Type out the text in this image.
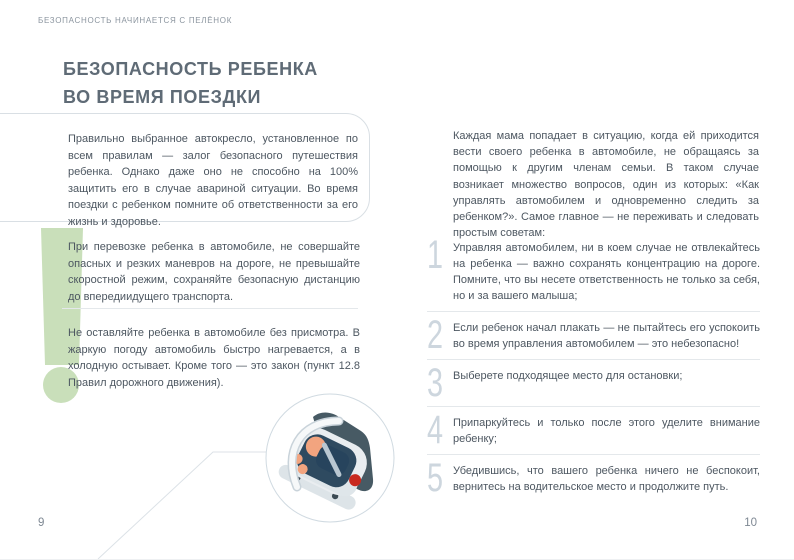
БЕЗОПАСНОСТЬ НАЧИНАЕТСЯ С ПЕЛЁНОК
БЕЗОПАСНОСТЬ РЕБЕНКА
ВО ВРЕМЯ ПОЕЗДКИ
Правильно выбранное автокресло, установленное по всем правилам — залог безопасного путешествия ребенка. Однако даже оно не способно на 100% защитить его в случае авариной ситуации. Во время поездки с ребенком помните об ответственности за его жизнь и здоровье.
При перевозке ребенка в автомобиле, не совершайте опасных и резких маневров на дороге, не превышайте скоростной режим, сохраняйте безопасную дистанцию до впередиидущего транспорта.
Не оставляйте ребенка в автомобиле без присмотра. В жаркую погоду автомобиль быстро нагревается, а в холодную остывает. Кроме того — это закон (пункт 12.8 Правил дорожного движения).
Каждая мама попадает в ситуацию, когда ей приходится вести своего ребенка в автомобиле, не обращаясь за помощью к другим членам семьи. В таком случае возникает множество вопросов, один из которых: «Как управлять автомобилем и одновременно следить за ребенком?». Самое главное — не переживать и следовать простым советам:
1 Управляя автомобилем, ни в коем случае не отвлекайтесь на ребенка — важно сохранять концентрацию на дороге. Помните, что вы несете ответственность не только за себя, но и за вашего малыша;
2 Если ребенок начал плакать — не пытайтесь его успокоить во время управления автомобилем — это небезопасно!
3 Выберете подходящее место для остановки;
4 Припаркуйтесь и только после этого уделите внимание ребенку;
5 Убедившись, что вашего ребенка ничего не беспокоит, вернитесь на водительское место и продолжите путь.
9	10
